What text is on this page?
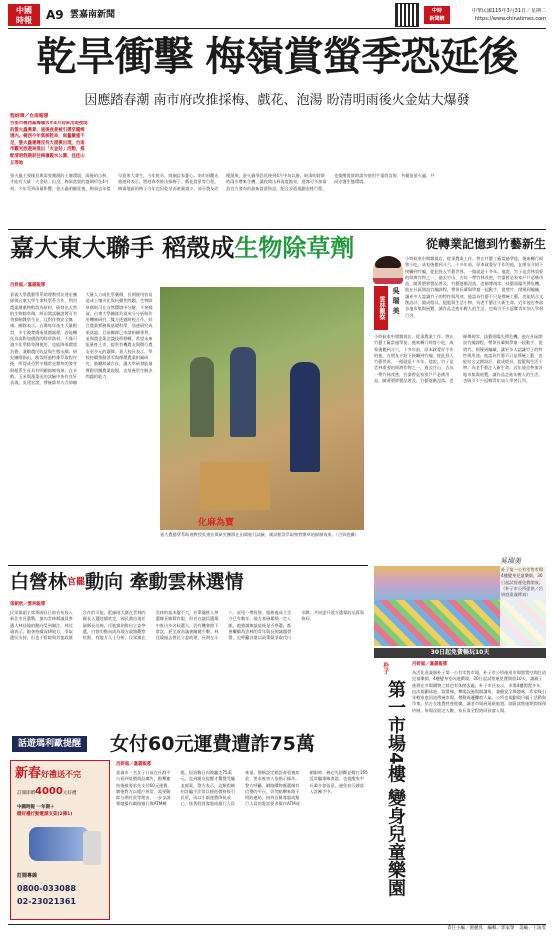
中國
時報	A9 雲嘉南新聞	中時
新聞網
中華民國115年3月31日／星期二
https://www.chinatimes.com
乾旱衝擊 梅嶺賞螢季恐延後
因應踏春潮 南市府改推採梅、戲花、泡湯 盼清明雨後火金姑大爆發
程炳璋／台南報導
台南市楠西區梅嶺去年4月迎來出現夜間的螢火蟲奧景，過後夜景被引導至龍崎境內。楠西今年氣候乾旱，雨量嚴重不足，螢火蟲遲遲沒有大規模出現，台南市觀光旅遊局推出「火金姑」活動，搭配清明假期前往梅嶺親水公園、佳佳山丘等地
螢火蟲主要棲息與需要潮濕的土壤環境，雨後的山林，才能有大量「火金姑」出沒，梅嶺賞螢的盛期約在4月初，今年受到雨量影響，螢火蟲明顯延後，梅嶺去年提早迎來大發生，今年乾旱，商圈店家憂心。南市府觀光旅遊局表示，將趁春季推出採梅子、戲花賞景等行程。梅嶺地區的梅子今年也因乾旱而產量減少，部分農友改種蔬果，螢火蟲季恐延後到4月中旬以後，盼清明時節的雨水帶來生機，讓夜間山林再度點亮，遊客可多加留意官方發布的最新賞螢資訊，配合步道規劃安排行程，也提醒賞螢時請勿使用手電筒直射、勿捕捉螢火蟲，共同守護生態環境。
嘉大東大聯手 稻殼成生物除草劑
呂妍庭／嘉義報導
嘉義大學農藝學系助理教授吳建宏團隊與台東大學生命科學系合作，利用農業廢棄物稻殼為原料，研發出天然的生物除草劑，經田間試驗證實可有效抑制雜草生長，且對作物安全無虞。團隊表示，台灣每年產生大量稻殼，多半被焚燒或低價處理，若能轉化為高附加價值的除草資材，不僅可減少化學除草劑使用，也能降低環境負擔，兼顧農民收益與生態永續。研究團隊指出，稻殼經過特殊萃取程序後，所得成分對多種常見雜草的發芽與根系生長具有明顯抑制效果，在水稻、玉米與蔬菜田的試驗中皆有良好表現。吳建宏說，傳統除草方式仰賴大量人力或化學藥劑，長期使用容易造成土壤劣化與抗藥性問題，生物除草劑則可在自然環境中分解，不會殘留。台東大學團隊負責成分分析與作用機制研究，雙方透過跨校合作，結合農業實務與基礎科學，加速研究成果落地。目前團隊已申請相關專利，並與農企業洽談技術移轉，希望未來能量產上市，提供有機農友與慣行農友更多元的選擇。嘉大校長表示，學校持續推動淨零與循環農業相關研究，鼓勵跨域合作，讓大學研發能量實際回饋農業現場，也培養學生解決問題的能力。
化麻為寶
嘉大農藝學系助理教授吳建宏與研究團隊在田間進行試驗，測試稻殼萃取物對雜草的抑制效果。（呂妍庭攝）
從轉業記憶到竹藝新生
雲林觀察
吳
瑞
美
小時候家中開雜貨店，從事農業工作。曾在竹藝工廠當過學徒，後來轉行經營小吃，成家後搬到斗六，十多年前，原本就愛好手作的他，在朋友介紹下接觸到竹編，從此投入竹藝世界，一做就是十多年。他說，竹子是雲林重要的經濟作物之一，過去竹山、古坑一帶竹林茂密，竹器曾是家家戶戶必備用品，隨著塑膠製品普及，竹藝逐漸沒落，老師傅凋零，技藝面臨失傳危機。他在社區開設竹編課程，帶領長輩與學童一起動手，從劈竹、削篾到編織，讓更多人認識竹子的特性與用途。他認為竹藝不只是傳統工藝，也能結合文創設計，做成燈具、提籃與生活小物，為老手藝注入新生命。近年他也參加各地市集與展覽，讓作品走進年輕人的生活，也吸引不少返鄉青年加入學習行列。
小時候家中開雜貨店，從事農業工作。曾在竹藝工廠當過學徒，後來轉行經營小吃，成家後搬到斗六，十多年前，原本就愛好手作的他，在朋友介紹下接觸到竹編，從此投入竹藝世界，一做就是十多年。他說，竹子是雲林重要的經濟作物之一，過去竹山、古坑一帶竹林茂密，竹器曾是家家戶戶必備用品，隨著塑膠製品普及，竹藝逐漸沒落，老師傅凋零，技藝面臨失傳危機。他在社區開設竹編課程，帶領長輩與學童一起動手，從劈竹、削篾到編織，讓更多人認識竹子的特性與用途。他認為竹藝不只是傳統工藝，也能結合文創設計，做成燈具、提籃與生活小物，為老手藝注入新生命。近年他也參加各地市集與展覽，讓作品走進年輕人的生活，也吸引不少返鄉青年加入學習行列。
吳瑞美
白營林官罷動向 牽動雲林選情
張朝欣／雲林報導
民眾黨副主席黃國昌日前宣布投入新北市長選戰，黨內雲林縣議員參選人林佳瑜的動向受到關注。林佳瑜表示，她會持續深耕地方，爭取選民支持，但也不排除與其他政黨合作的可能。藍綠兩大黨在雲林的縣長人選陸續底定，國民黨由現任副縣長出線，民進黨則推出立委參選，白營的動向成為地方政壇觀察焦點。有地方人士分析，民眾黨在雲林的基本盤不大，若單獨推人參選縣長勝算有限，但若在議員選舉中推出多名候選人，仍有機會搶下席次，甚至成為議會關鍵少數。林佳瑜過去曾任立委助理，長期在斗六、虎尾一帶經營，服務處成立至今已有數年，地方基層累積一定人脈，她強調無論最後是否參選，都會繼續為雲林的青年與長照議題發聲，也呼籲各黨以政策競爭取代口水戰，共同提升地方選舉的品質與格局。
話遊瑪利歐提醒	女付60元運費遭詐75萬
新春好禮送不完
訂閱即贈4000元好禮
中國時報 一年期＋
贈好禮行動電源支架(2擇1)
訂閱專線
0800-033088
02-23021361
呂妍庭／嘉義報導
嘉義市一名女子日前在社群平台看到低價商品廣告，點擊連結後被要求先支付60元運費，隨後對方以帳戶異常、需要解除分期付款等理由，一步步誘導她操作網路銀行與ATM轉帳，短短數日內被騙走75萬元，直到親友提醒才驚覺受騙並報案。警方表示，這類假網拍詐騙手法常以極低價格吸引民眾，再以小額運費降低戒心，接著假冒客服或銀行人員來電，聲稱設定錯誤會重複扣款，要求被害人依指示操作。警方呼籲，網路購物應選擇有信譽的平台，切勿點擊來路不明的連結，接到自稱客服或銀行人員的電話要求操作ATM或網銀時，務必先掛斷並撥打165反詐騙專線查證，也提醒家中長輩多加留意，避免血汗錢落入詐團手中。
朴子第一公有零售市場4樓變身兒童樂園，30日起試營運免費開放。（朴子市公所提供／呂妍庭嘉義傳真）
30日起免費暢玩10天
朴子
第一市場4樓 變身兒童樂園
呂妍庭／嘉義報導
為活化嘉義縣朴子第一公有零售市場，朴子市公所運用市場閒置空間打造兒童樂園，4樓變身室內遊戲場，30日起試營運免費開放10天，讓親子族群在市場購物之餘也有休閒去處。朴子市長表示，市場4樓閒置多年，這次規劃球池、溜滑梯、攀爬設施與閱讀角，兼顧安全與趣味，希望吸引年輕家庭回流傳統市場，帶動周邊攤商人氣。公所也規劃假日親子活動與市集，結合在地農特產推廣，讓老市場展現新風貌。園區試營運期間採預約制，每場次限定人數，家長需全程陪同孩童入場。
責任主編／黃麗真　編輯／郭家榮　美編／王詠雯
